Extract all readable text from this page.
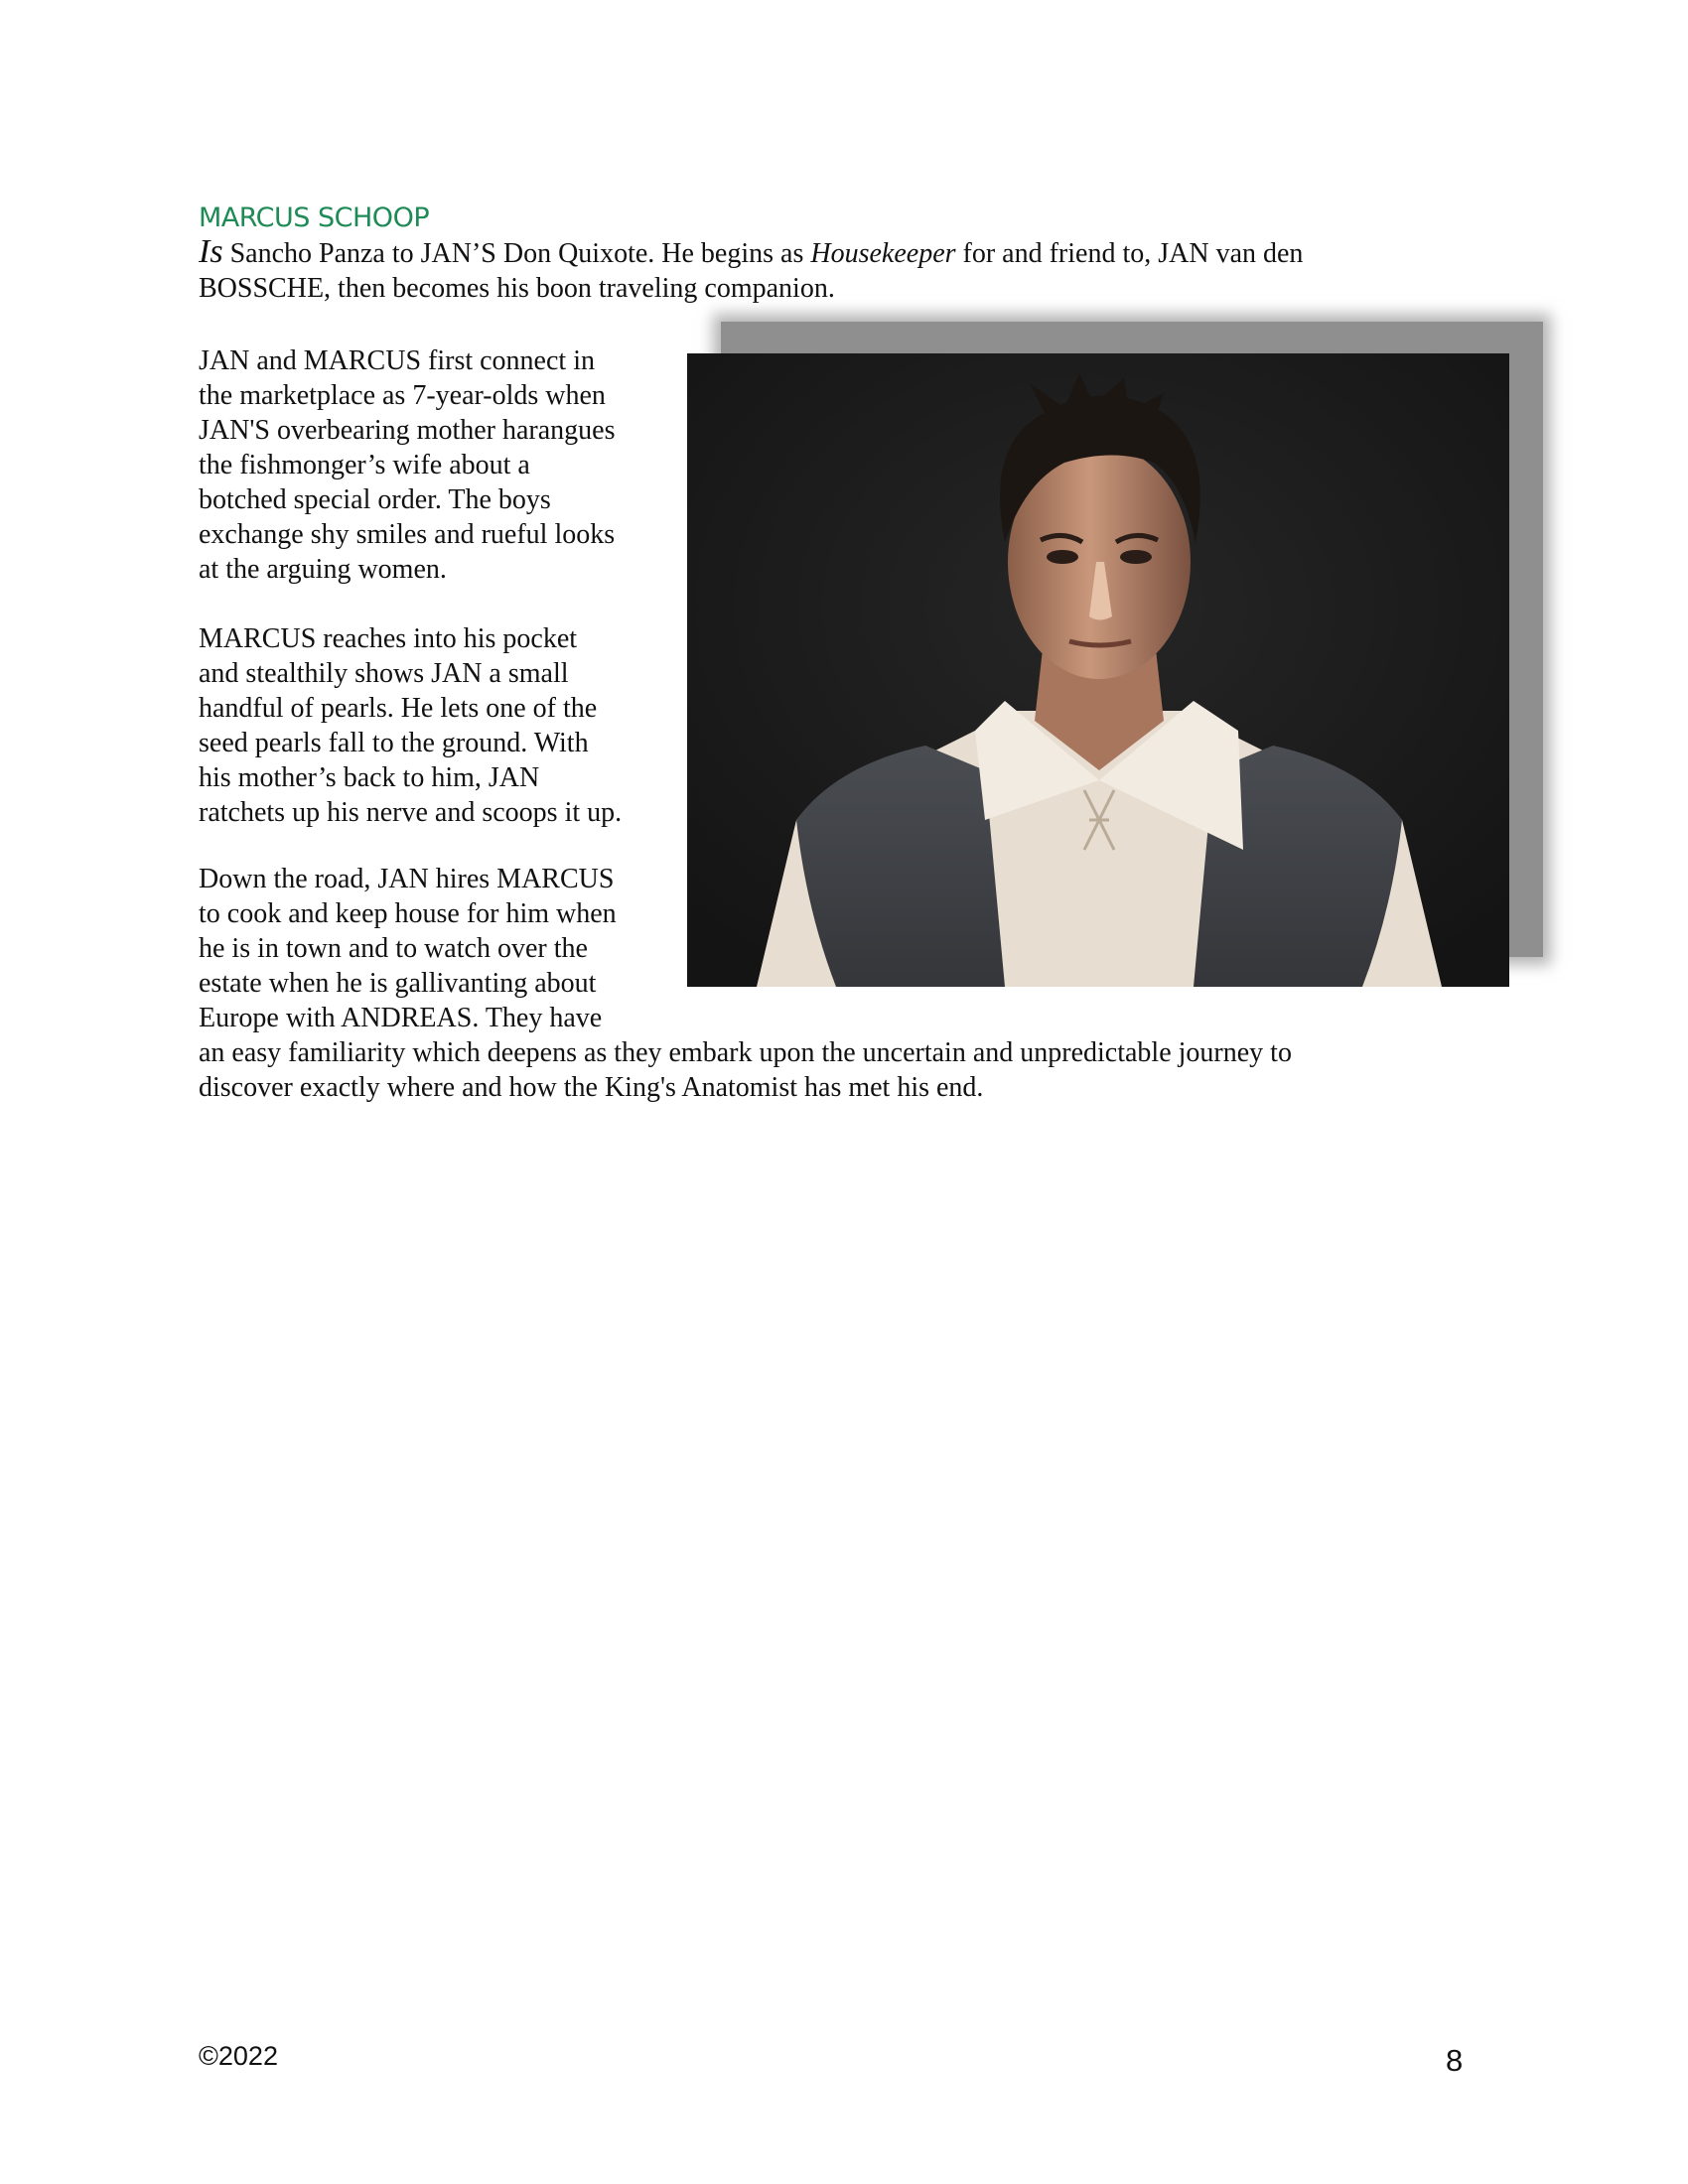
MARCUS SCHOOP
Is Sancho Panza to JAN’S Don Quixote. He begins as Housekeeper for and friend to, JAN van den
BOSSCHE, then becomes his boon traveling companion.
JAN and MARCUS first connect in
the marketplace as 7-year-olds when
JAN'S overbearing mother harangues
the fishmonger’s wife about a
botched special order. The boys
exchange shy smiles and rueful looks
at the arguing women.
MARCUS reaches into his pocket
and stealthily shows JAN a small
handful of pearls. He lets one of the
seed pearls fall to the ground. With
his mother’s back to him, JAN
ratchets up his nerve and scoops it up.
Down the road, JAN hires MARCUS
to cook and keep house for him when
he is in town and to watch over the
estate when he is gallivanting about
Europe with ANDREAS. They have
an easy familiarity which deepens as they embark upon the uncertain and unpredictable journey to
discover exactly where and how the King's Anatomist has met his end.
©2022	8
